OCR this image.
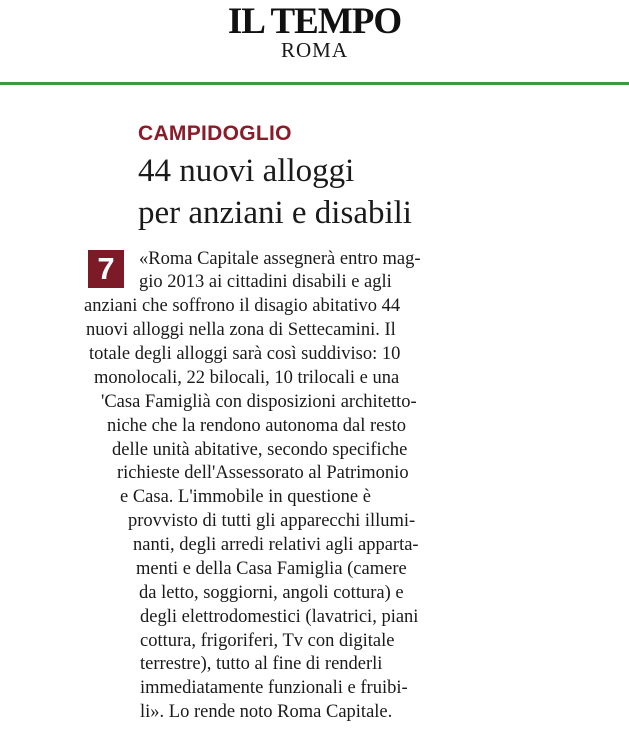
IL TEMPO
ROMA
CAMPIDOGLIO
44 nuovi alloggi
per anziani e disabili
7	«Roma Capitale assegnerà entro mag-
gio 2013 ai cittadini disabili e agli
anziani che soffrono il disagio abitativo 44
nuovi alloggi nella zona di Settecamini. Il
totale degli alloggi sarà così suddiviso: 10
monolocali, 22 bilocali, 10 trilocali e una
'Casa Famiglià con disposizioni architetto-
niche che la rendono autonoma dal resto
delle unità abitative, secondo specifiche
richieste dell'Assessorato al Patrimonio
e Casa. L'immobile in questione è
provvisto di tutti gli apparecchi illumi-
nanti, degli arredi relativi agli apparta-
menti e della Casa Famiglia (camere
da letto, soggiorni, angoli cottura) e
degli elettrodomestici (lavatrici, piani
cottura, frigoriferi, Tv con digitale
terrestre), tutto al fine di renderli
immediatamente funzionali e fruibi-
li». Lo rende noto Roma Capitale.
